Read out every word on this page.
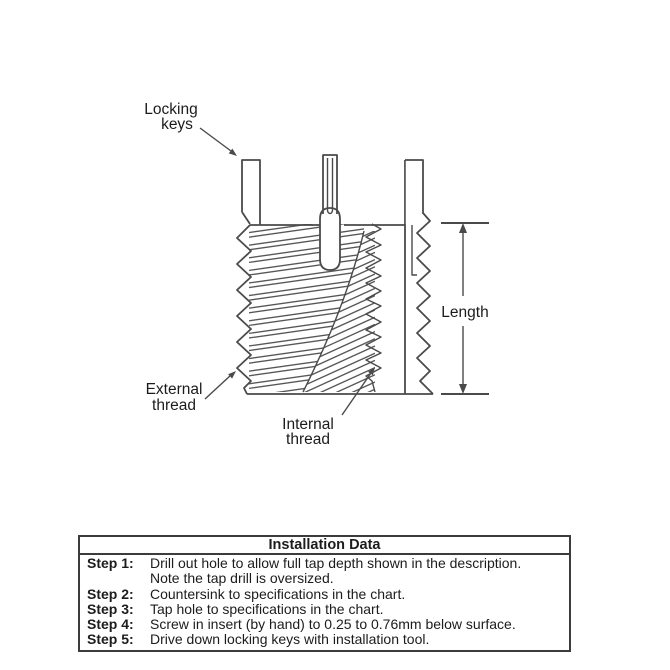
Locking
keys
Length
External
thread
Internal
thread
Installation Data
Step 1:	Drill out hole to allow full tap depth shown in the description.
Note the tap drill is oversized.
Step 2:	Countersink to specifications in the chart.
Step 3:	Tap hole to specifications in the chart.
Step 4:	Screw in insert (by hand) to 0.25 to 0.76mm below surface.
Step 5:	Drive down locking keys with installation tool.
